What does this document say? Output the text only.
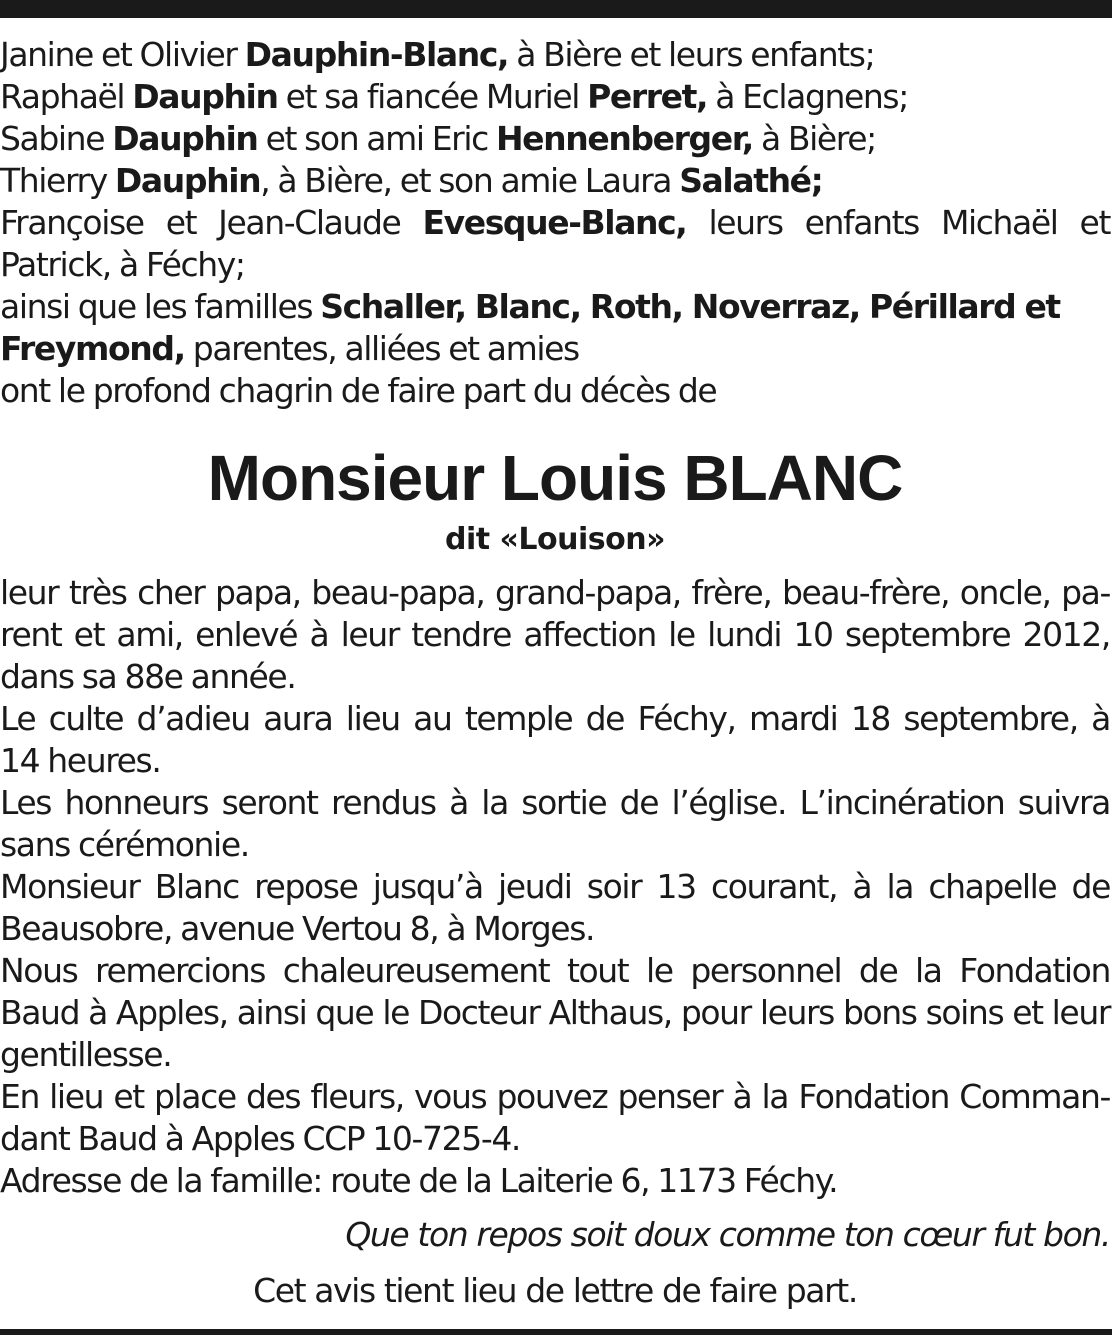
Janine et Olivier Dauphin-Blanc, à Bière et leurs enfants;
Raphaël Dauphin et sa fiancée Muriel Perret, à Eclagnens;
Sabine Dauphin et son ami Eric Hennenberger, à Bière;
Thierry Dauphin, à Bière, et son amie Laura Salathé;
Françoise et Jean-Claude Evesque-Blanc, leurs enfants Michaël et
Patrick, à Féchy;
ainsi que les familles Schaller, Blanc, Roth, Noverraz, Périllard et
Freymond, parentes, alliées et amies
ont le profond chagrin de faire part du décès de
Monsieur Louis BLANC
dit «Louison»
leur très cher papa, beau-papa, grand-papa, frère, beau-frère, oncle, pa-
rent et ami, enlevé à leur tendre affection le lundi 10 septembre 2012,
dans sa 88e année.
Le culte d’adieu aura lieu au temple de Féchy, mardi 18 septembre, à
14 heures.
Les honneurs seront rendus à la sortie de l’église. L’incinération suivra
sans cérémonie.
Monsieur Blanc repose jusqu’à jeudi soir 13 courant, à la chapelle de
Beausobre, avenue Vertou 8, à Morges.
Nous remercions chaleureusement tout le personnel de la Fondation
Baud à Apples, ainsi que le Docteur Althaus, pour leurs bons soins et leur
gentillesse.
En lieu et place des fleurs, vous pouvez penser à la Fondation Comman-
dant Baud à Apples CCP 10-725-4.
Adresse de la famille: route de la Laiterie 6, 1173 Féchy.
Que ton repos soit doux comme ton cœur fut bon.
Cet avis tient lieu de lettre de faire part.
